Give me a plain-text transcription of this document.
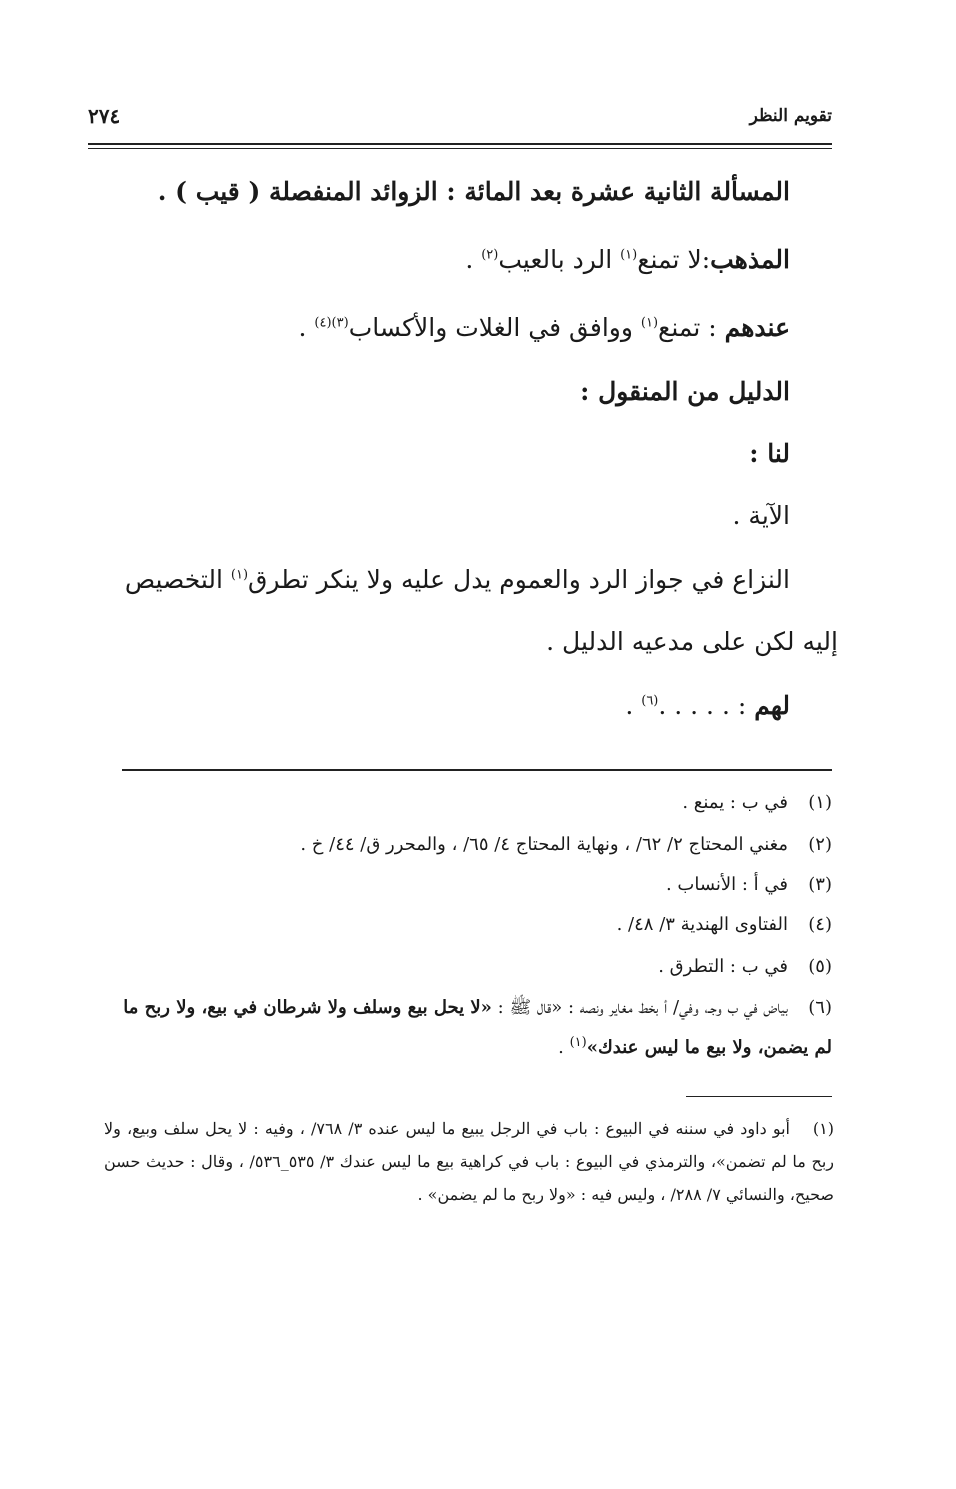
تقويم النظر
٢٧٤
المسألة الثانية عشرة بعد المائة : الزوائد المنفصلة ( قيب ) .
المذهب:لا تمنع$^{(١)}$ الرد بالعيب$^{(٢)}$ .
عندهم : تمنع$^{(١)}$ ووافق في الغلات والأكساب$^{(٣)(٤)}$ .
الدليل من المنقول :
لنا :
الآية .
النزاع في جواز الرد والعموم يدل عليه ولا ينكر تطرق$^{(١)}$ التخصيص
إليه لكن على مدعيه الدليل .
لهم : . . . . .$^{(٦)}$ .
(١)في ب : يمنع .
(٢)مغني المحتاج ٢/ ٦٢/ ، ونهاية المحتاج ٤/ ٦٥/ ، والمحرر ق/ ٤٤/ خ .
(٣)في أ : الأنساب .
(٤)الفتاوى الهندية ٣/ ٤٨/ .
(٥)في ب : التطرق .
(٦)بياض في ب وجـ، وفي/ أ بخط مغاير ونصه : «قال ﷺ : «لا يحل بيع وسلف ولا شرطان في بيع، ولا ربح ما لم يضمن، ولا بيع ما ليس عندك»$^{(١)}$ .
(١)أبو داود في سننه في البيوع : باب في الرجل يبيع ما ليس عنده ٣/ ٧٦٨/ ، وفيه : لا يحل سلف وبيع، ولا ربح ما لم تضمن»، والترمذي في البيوع : باب في كراهية بيع ما ليس عندك ٣/ ٥٣٥_٥٣٦/ ، وقال : حديث حسن صحيح، والنسائي ٧/ ٢٨٨/ ، وليس فيه : «ولا ربح ما لم يضمن» .
